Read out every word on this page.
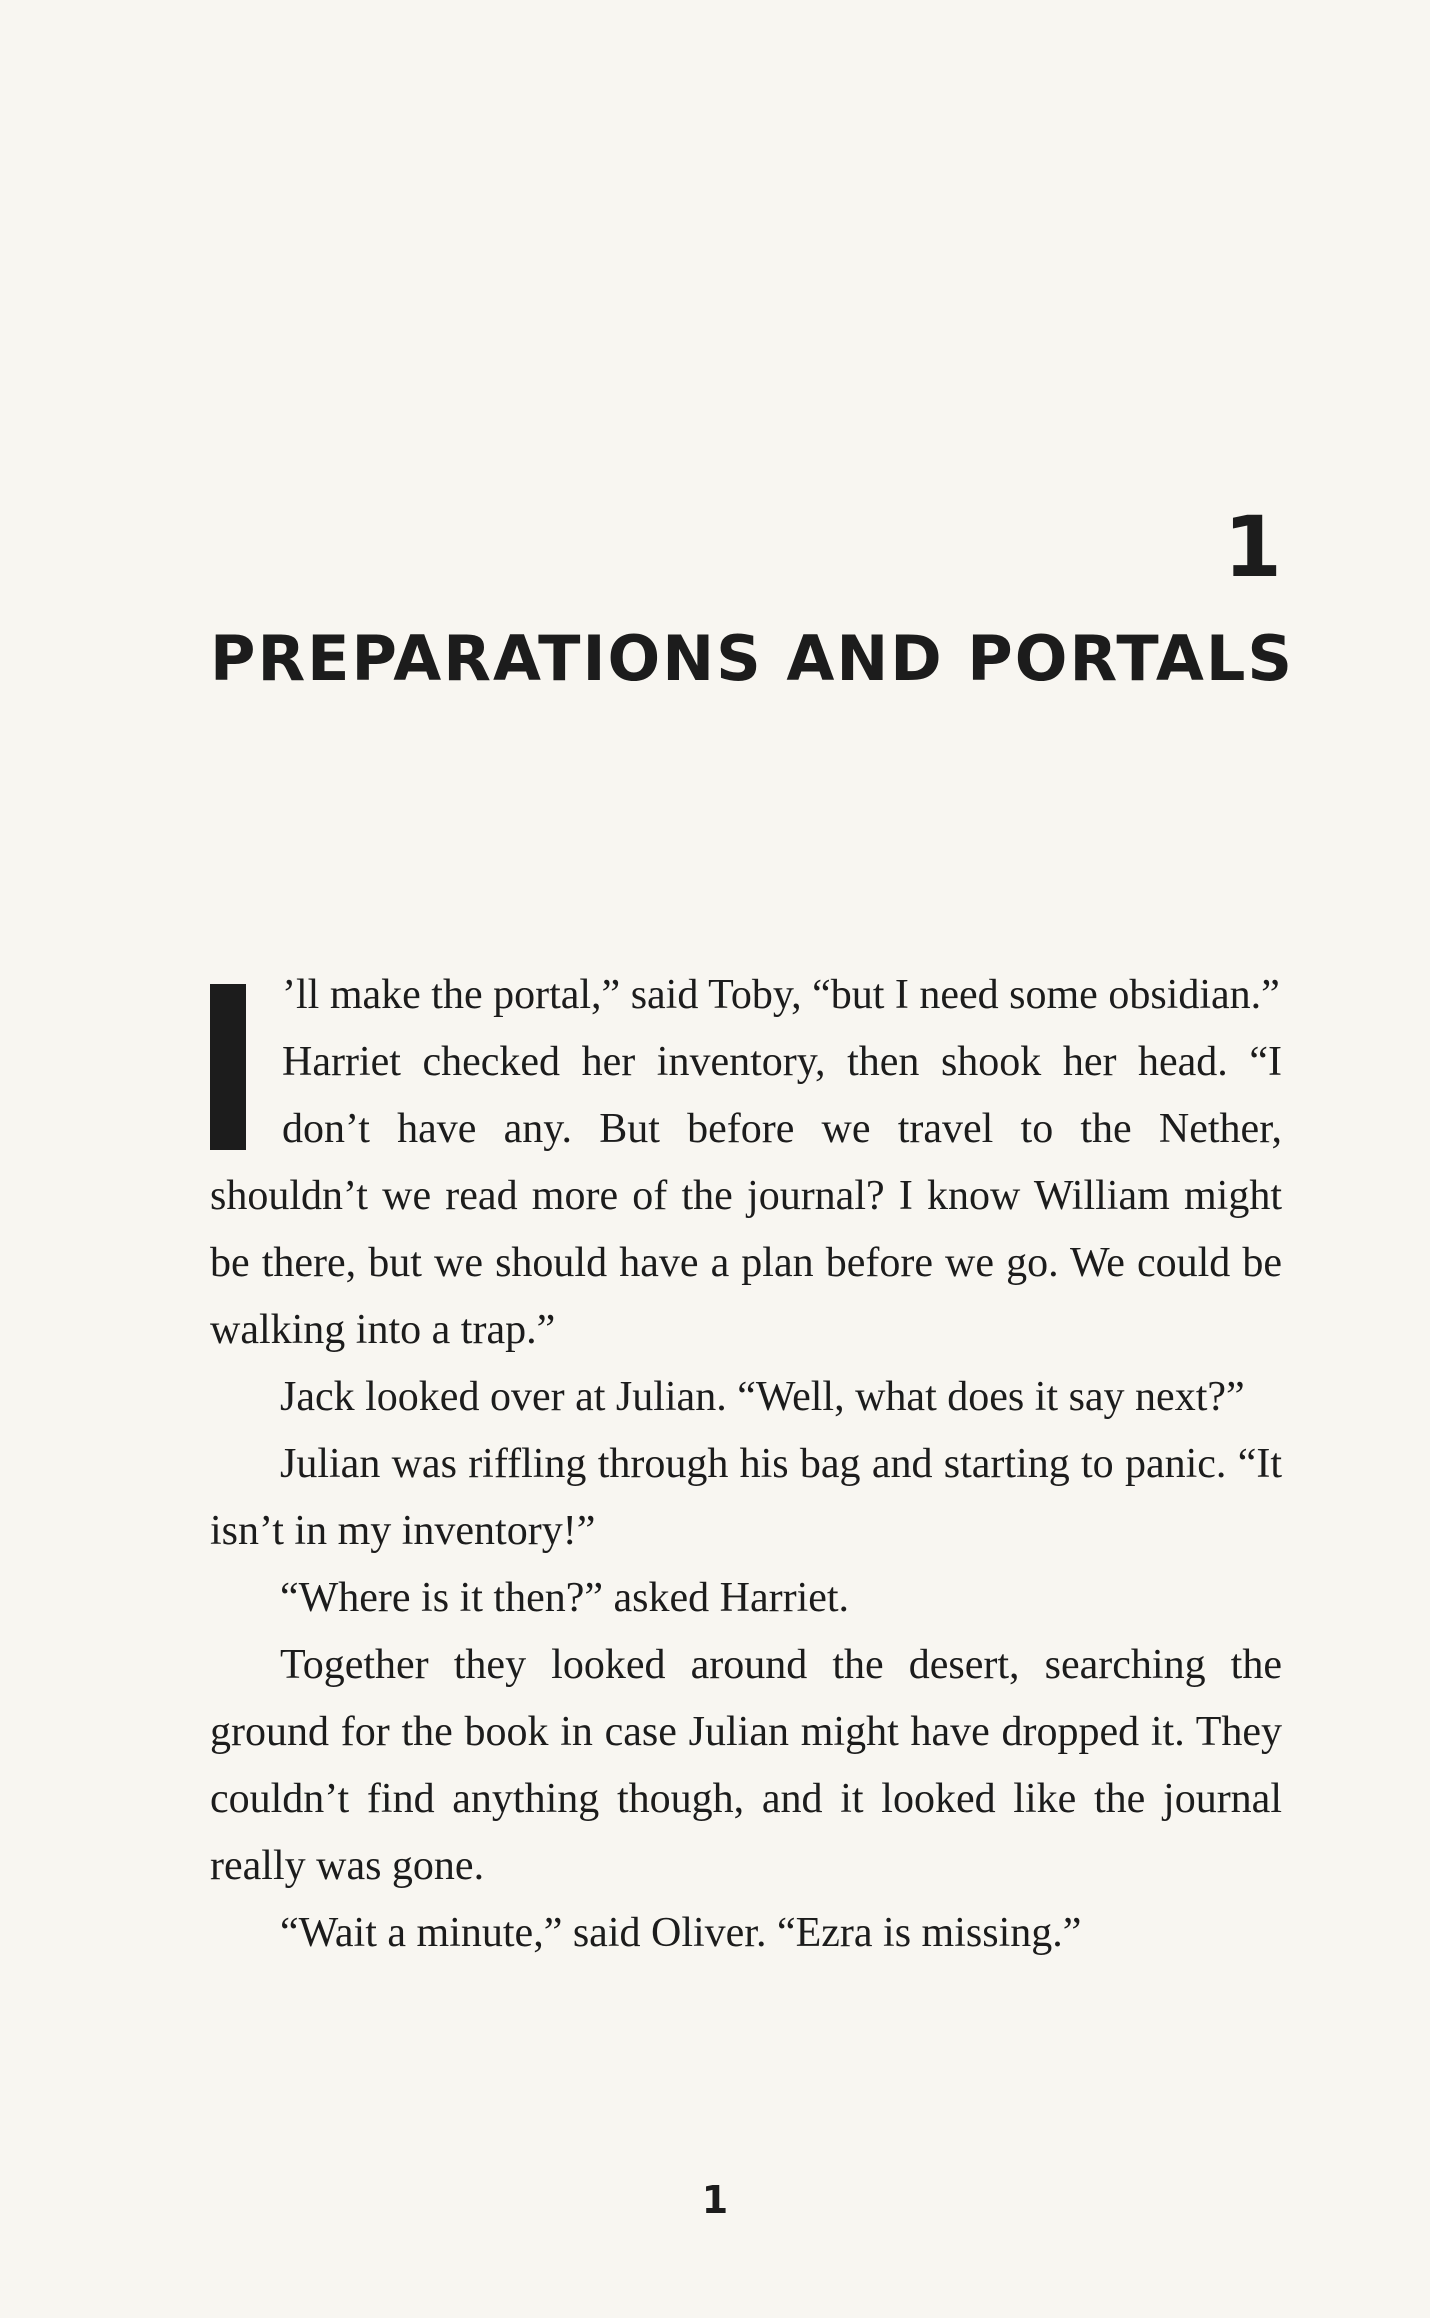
1
PREPARATIONS AND PORTALS

’ll make the portal,” said Toby, “but I need some obsidian.”

Harriet checked her inventory, then shook her head. “I don’t have any. But before we travel to the Nether, shouldn’t we read more of the journal? I know William might be there, but we should have a plan before we go. We could be walking into a trap.”

Jack looked over at Julian. “Well, what does it say next?”

Julian was riffling through his bag and starting to panic. “It isn’t in my inventory!”

“Where is it then?” asked Harriet.

Together they looked around the desert, searching the ground for the book in case Julian might have dropped it. They couldn’t find anything though, and it looked like the journal really was gone.

“Wait a minute,” said Oliver. “Ezra is missing.”

1
